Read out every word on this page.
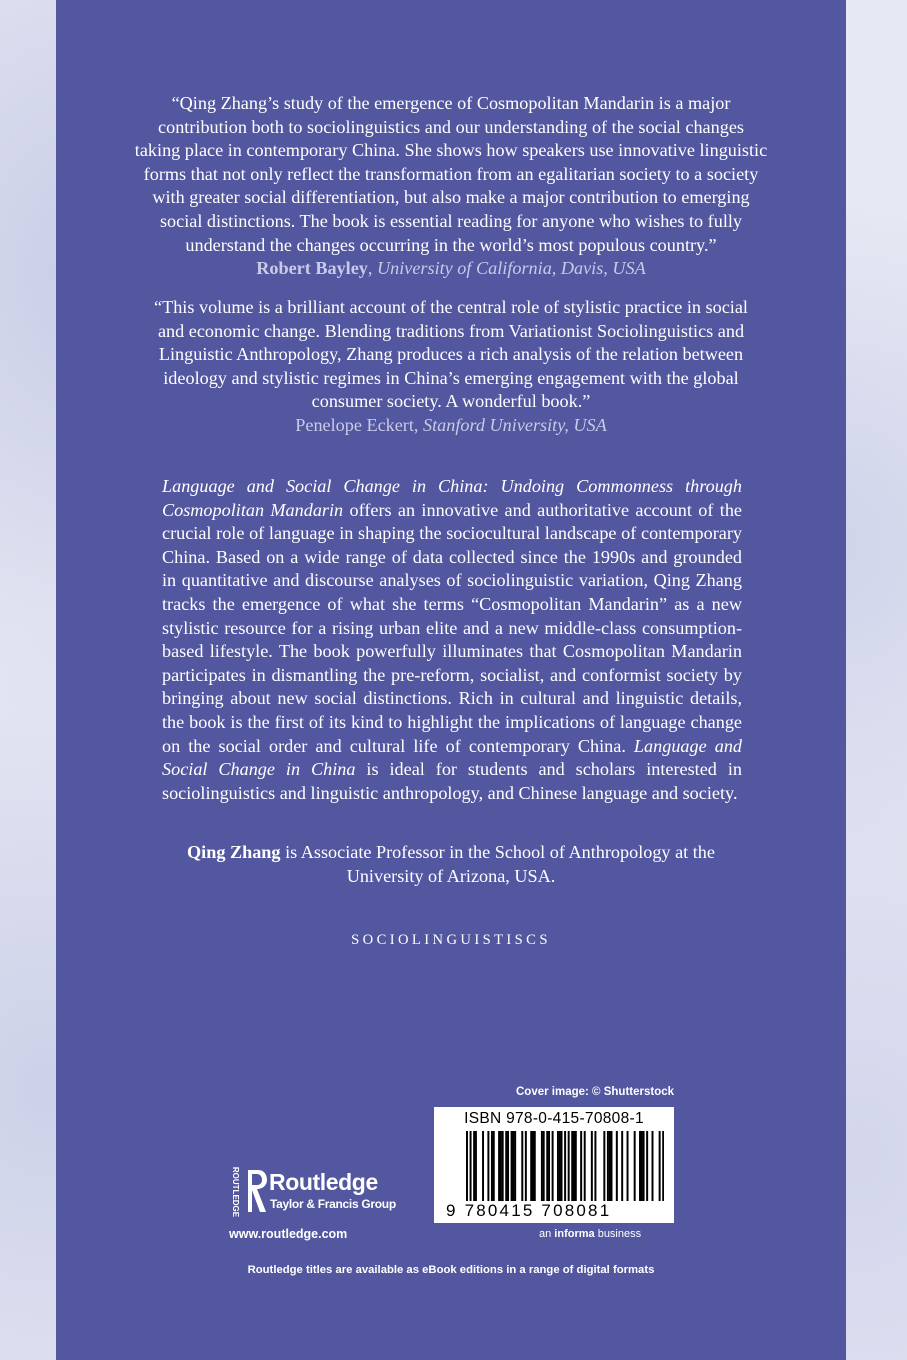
“Qing Zhang’s study of the emergence of Cosmopolitan Mandarin is a major
contribution both to sociolinguistics and our understanding of the social changes
taking place in contemporary China. She shows how speakers use innovative linguistic
forms that not only reflect the transformation from an egalitarian society to a society
with greater social differentiation, but also make a major contribution to emerging
social distinctions. The book is essential reading for anyone who wishes to fully
understand the changes occurring in the world’s most populous country.”
Robert Bayley, University of California, Davis, USA
“This volume is a brilliant account of the central role of stylistic practice in social
and economic change. Blending traditions from Variationist Sociolinguistics and
Linguistic Anthropology, Zhang produces a rich analysis of the relation between
ideology and stylistic regimes in China’s emerging engagement with the global
consumer society. A wonderful book.”
Penelope Eckert, Stanford University, USA
Language and Social Change in China: Undoing Commonness through Cosmopolitan Mandarin offers an innovative and authoritative account of the crucial role of language in shaping the sociocultural landscape of contemporary China. Based on a wide range of data collected since the 1990s and grounded in quantitative and discourse analyses of sociolinguistic variation, Qing Zhang tracks the emergence of what she terms “Cosmopolitan Mandarin” as a new stylistic resource for a rising urban elite and a new middle-class consumption-based lifestyle. The book powerfully illuminates that Cosmopolitan Mandarin participates in dismantling the pre-reform, socialist, and conformist society by bringing about new social distinctions. Rich in cultural and linguistic details, the book is the first of its kind to highlight the implications of language change on the social order and cultural life of contemporary China. Language and Social Change in China is ideal for students and scholars interested in sociolinguistics and linguistic anthropology, and Chinese language and society.
Qing Zhang is Associate Professor in the School of Anthropology at the
University of Arizona, USA.
SOCIOLINGUISTISCS
Cover image: © Shutterstock
ISBN 978-0-415-70808-1
9 780415 708081
an informa business
ROUTLEDGE Routledge
Taylor & Francis Group
www.routledge.com
Routledge titles are available as eBook editions in a range of digital formats
